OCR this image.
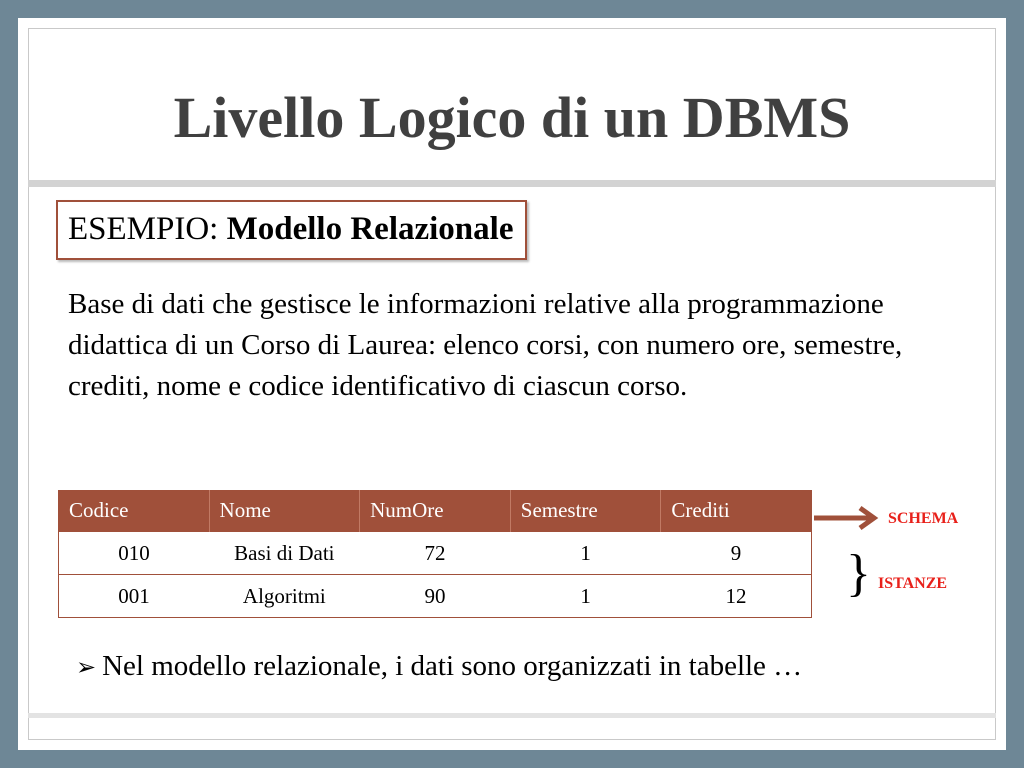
Livello Logico di un DBMS
ESEMPIO: Modello Relazionale
Base di dati che gestisce le informazioni relative alla programmazione didattica di un Corso di Laurea: elenco corsi, con numero ore, semestre, crediti, nome e codice identificativo di ciascun corso.
Codice	Nome	NumOre	Semestre	Crediti
010	Basi di Dati	72	1	9
001	Algoritmi	90	1	12
SCHEMA
} ISTANZE
➢ Nel modello relazionale, i dati sono organizzati in tabelle …
